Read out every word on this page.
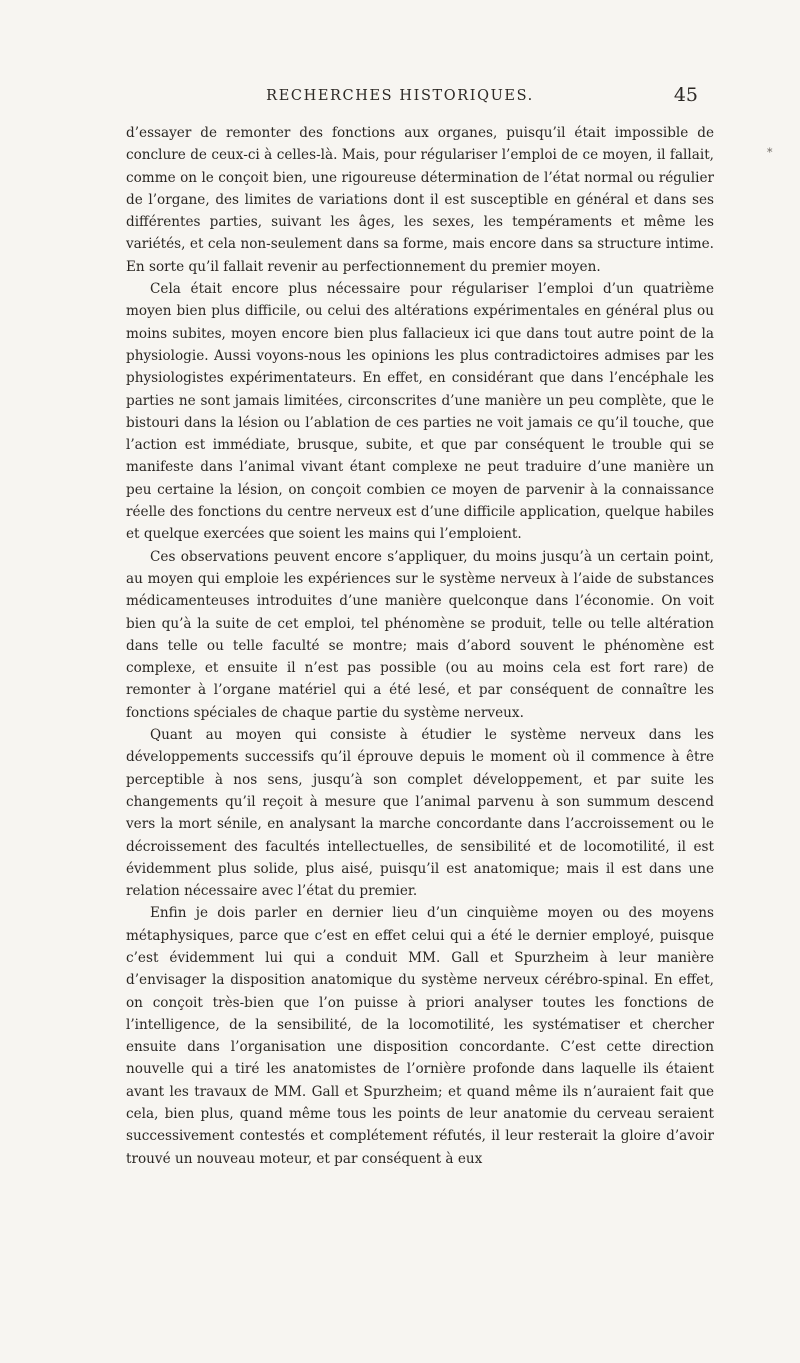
RECHERCHES HISTORIQUES.	45
*

d’essayer de remonter des fonctions aux organes, puisqu’il était impossible de conclure de ceux-ci à celles-là. Mais, pour régulariser l’emploi de ce moyen, il fallait, comme on le conçoit bien, une rigoureuse détermination de l’état normal ou régulier de l’organe, des limites de variations dont il est susceptible en général et dans ses différentes parties, suivant les âges, les sexes, les tempéraments et même les variétés, et cela non-seulement dans sa forme, mais encore dans sa structure intime. En sorte qu’il fallait revenir au perfectionnement du premier moyen.

Cela était encore plus nécessaire pour régulariser l’emploi d’un quatrième moyen bien plus difficile, ou celui des altérations expérimentales en général plus ou moins subites, moyen encore bien plus fallacieux ici que dans tout autre point de la physiologie. Aussi voyons-nous les opinions les plus contradictoires admises par les physiologistes expérimentateurs. En effet, en considérant que dans l’encéphale les parties ne sont jamais limitées, circonscrites d’une manière un peu complète, que le bistouri dans la lésion ou l’ablation de ces parties ne voit jamais ce qu’il touche, que l’action est immédiate, brusque, subite, et que par conséquent le trouble qui se manifeste dans l’animal vivant étant complexe ne peut traduire d’une manière un peu certaine la lésion, on conçoit combien ce moyen de parvenir à la connaissance réelle des fonctions du centre nerveux est d’une difficile application, quelque habiles et quelque exercées que soient les mains qui l’emploient.

Ces observations peuvent encore s’appliquer, du moins jusqu’à un certain point, au moyen qui emploie les expériences sur le système nerveux à l’aide de substances médicamenteuses introduites d’une manière quelconque dans l’économie. On voit bien qu’à la suite de cet emploi, tel phénomène se produit, telle ou telle altération dans telle ou telle faculté se montre; mais d’abord souvent le phénomène est complexe, et ensuite il n’est pas possible (ou au moins cela est fort rare) de remonter à l’organe matériel qui a été lesé, et par conséquent de connaître les fonctions spéciales de chaque partie du système nerveux.

Quant au moyen qui consiste à étudier le système nerveux dans les développements successifs qu’il éprouve depuis le moment où il commence à être perceptible à nos sens, jusqu’à son complet développement, et par suite les changements qu’il reçoit à mesure que l’animal parvenu à son summum descend vers la mort sénile, en analysant la marche concordante dans l’accroissement ou le décroissement des facultés intellectuelles, de sensibilité et de locomotilité, il est évidemment plus solide, plus aisé, puisqu’il est anatomique; mais il est dans une relation nécessaire avec l’état du premier.

Enfin je dois parler en dernier lieu d’un cinquième moyen ou des moyens métaphysiques, parce que c’est en effet celui qui a été le dernier employé, puisque c’est évidemment lui qui a conduit MM. Gall et Spurzheim à leur manière d’envisager la disposition anatomique du système nerveux cérébro-spinal. En effet, on conçoit très-bien que l’on puisse à priori analyser toutes les fonctions de l’intelligence, de la sensibilité, de la locomotilité, les systématiser et chercher ensuite dans l’organisation une disposition concordante. C’est cette direction nouvelle qui a tiré les anatomistes de l’ornière profonde dans laquelle ils étaient avant les travaux de MM. Gall et Spurzheim; et quand même ils n’auraient fait que cela, bien plus, quand même tous les points de leur anatomie du cerveau seraient successivement contestés et complétement réfutés, il leur resterait la gloire d’avoir trouvé un nouveau moteur, et par conséquent à eux
